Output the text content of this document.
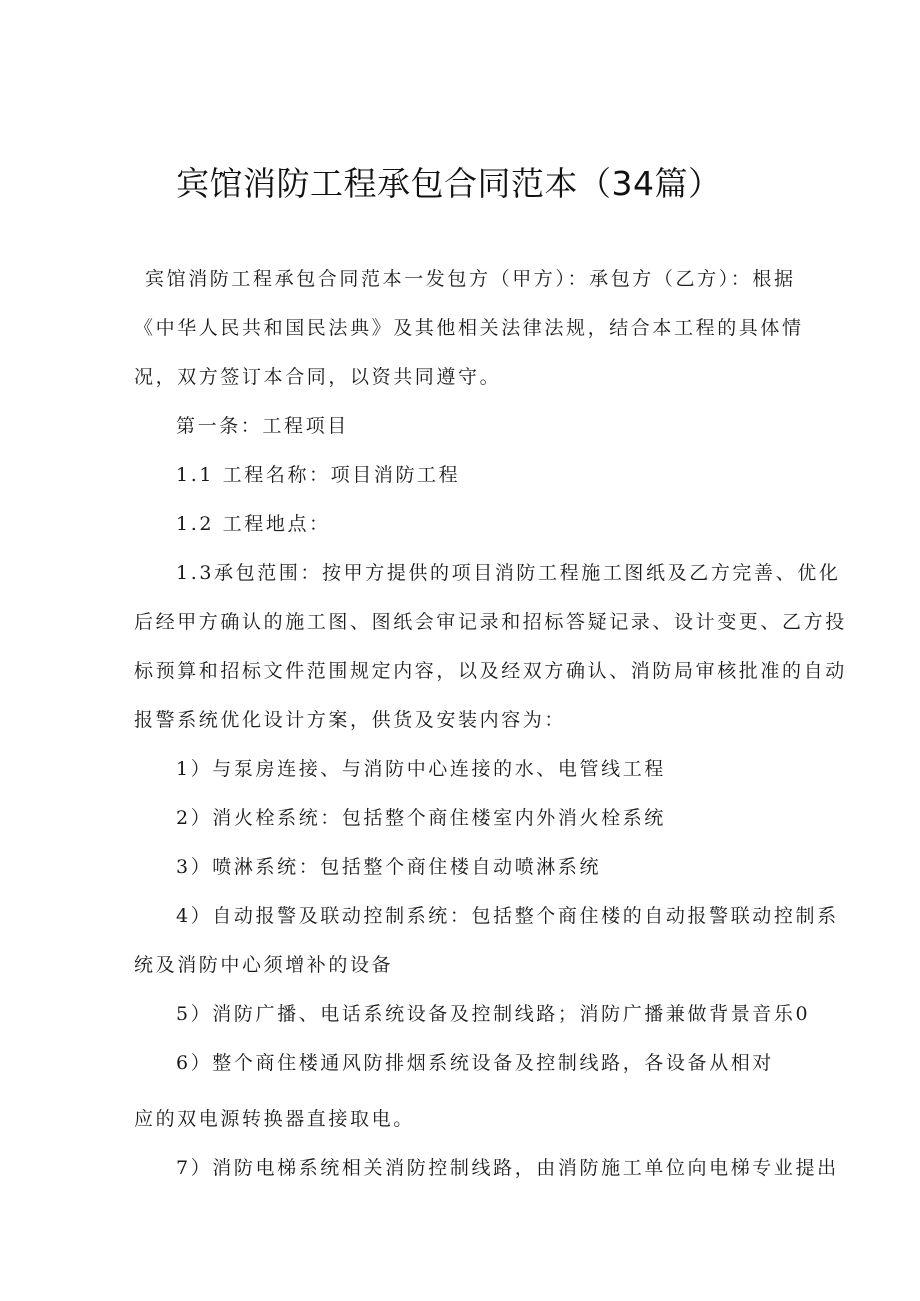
宾馆消防工程承包合同范本（34篇）
宾馆消防工程承包合同范本一发包方（甲方）：承包方（乙方）：根据
《中华人民共和国民法典》及其他相关法律法规，结合本工程的具体情
况，双方签订本合同，以资共同遵守。
第一条：工程项目
1.1 工程名称：项目消防工程
1.2 工程地点：
1.3承包范围：按甲方提供的项目消防工程施工图纸及乙方完善、优化
后经甲方确认的施工图、图纸会审记录和招标答疑记录、设计变更、乙方投
标预算和招标文件范围规定内容，以及经双方确认、消防局审核批准的自动
报警系统优化设计方案，供货及安装内容为：
1）与泵房连接、与消防中心连接的水、电管线工程
2）消火栓系统：包括整个商住楼室内外消火栓系统
3）喷淋系统：包括整个商住楼自动喷淋系统
4）自动报警及联动控制系统：包括整个商住楼的自动报警联动控制系
统及消防中心须增补的设备
5）消防广播、电话系统设备及控制线路；消防广播兼做背景音乐0
6）整个商住楼通风防排烟系统设备及控制线路，各设备从相对
应的双电源转换器直接取电。
7）消防电梯系统相关消防控制线路，由消防施工单位向电梯专业提出
